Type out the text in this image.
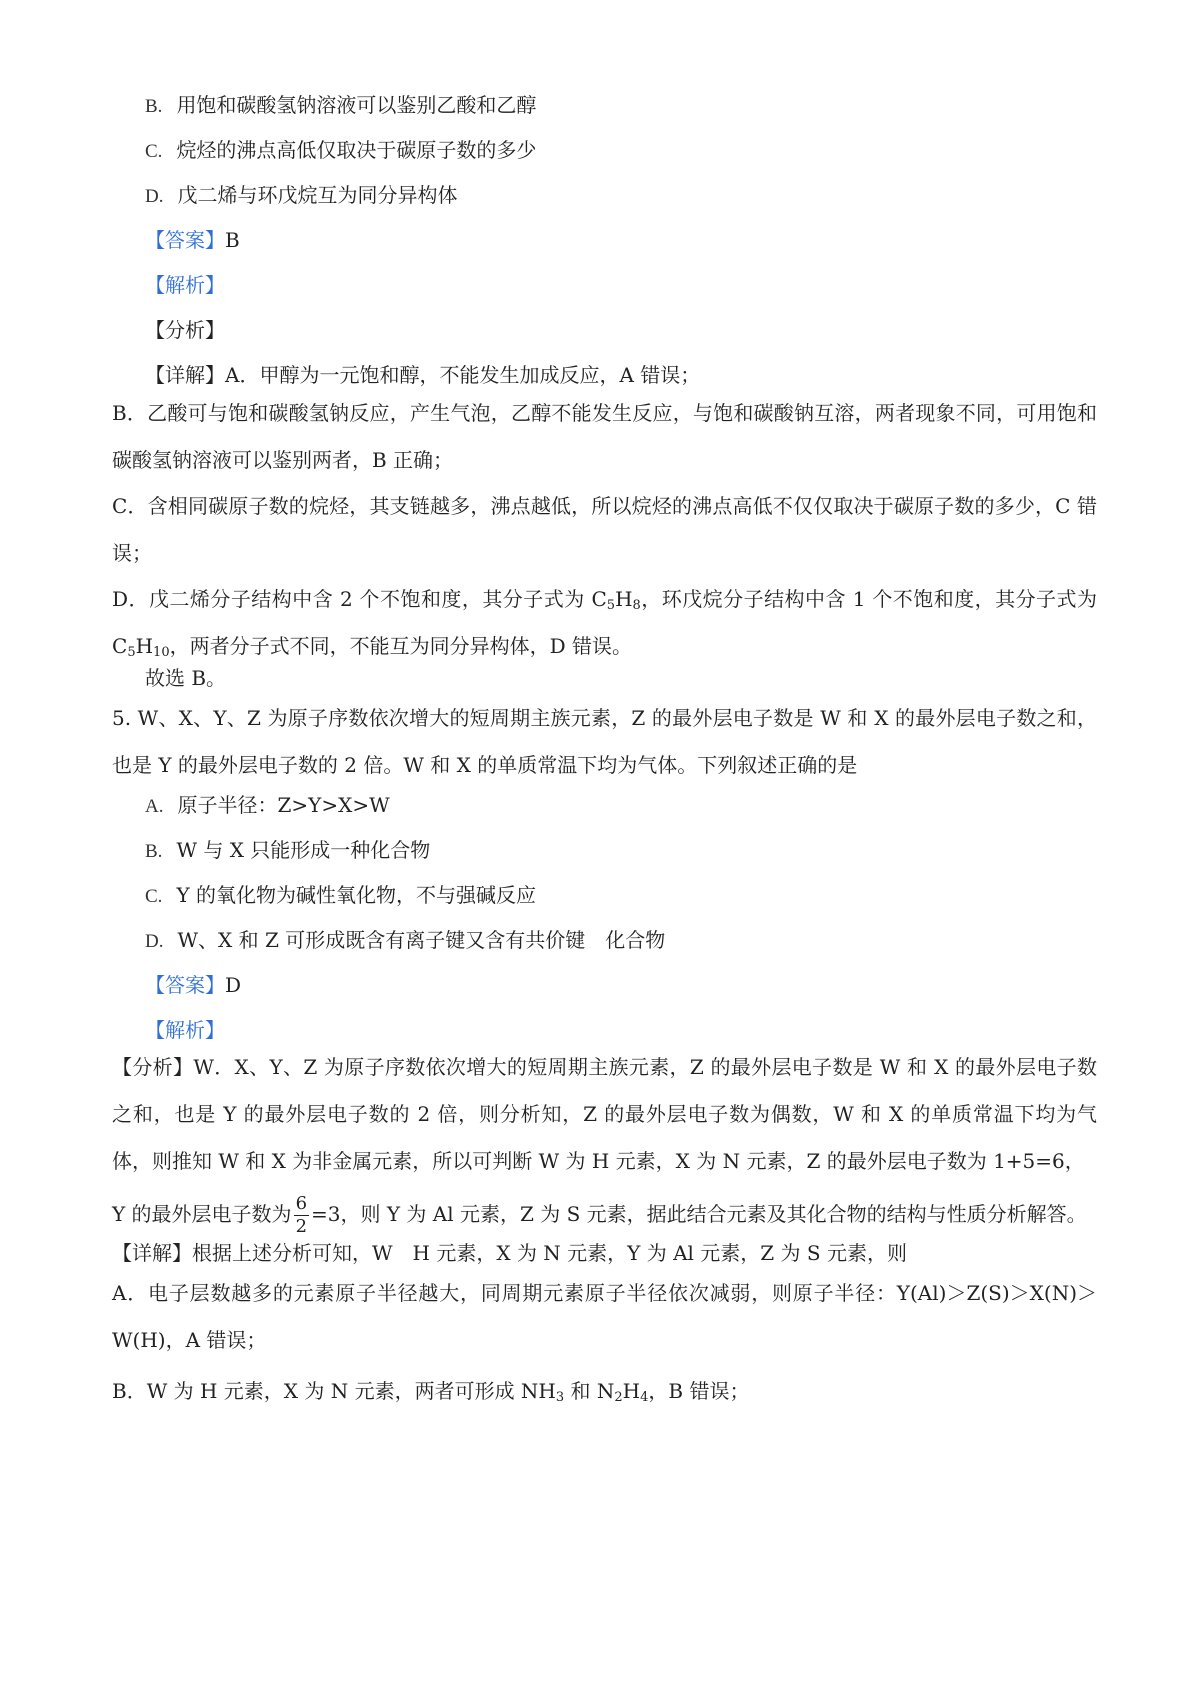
B. 用饱和碳酸氢钠溶液可以鉴别乙酸和乙醇
C. 烷烃的沸点高低仅取决于碳原子数的多少
D. 戊二烯与环戊烷互为同分异构体
【答案】B
【解析】
【分析】
【详解】A．甲醇为一元饱和醇，不能发生加成反应，A 错误；
B．乙酸可与饱和碳酸氢钠反应，产生气泡，乙醇不能发生反应，与饱和碳酸钠互溶，两者现象不同，可用饱和碳酸氢钠溶液可以鉴别两者，B 正确；
C．含相同碳原子数的烷烃，其支链越多，沸点越低，所以烷烃的沸点高低不仅仅取决于碳原子数的多少，C 错误；
D．戊二烯分子结构中含 2 个不饱和度，其分子式为 $C_5H_8$，环戊烷分子结构中含 1 个不饱和度，其分子式为 $C_5H_{10}$，两者分子式不同，不能互为同分异构体，D 错误。
故选 B。
5. W、X、Y、Z 为原子序数依次增大的短周期主族元素，Z 的最外层电子数是 W 和 X 的最外层电子数之和，也是 Y 的最外层电子数的 2 倍。W 和 X 的单质常温下均为气体。下列叙述正确的是
A. 原子半径：Z>Y>X>W
B. W 与 X 只能形成一种化合物
C. Y 的氧化物为碱性氧化物，不与强碱反应
D. W、X 和 Z 可形成既含有离子键又含有共价键　化合物
【答案】D
【解析】
【分析】W．X、Y、Z 为原子序数依次增大的短周期主族元素，Z 的最外层电子数是 W 和 X 的最外层电子数之和，也是 Y 的最外层电子数的 2 倍，则分析知，Z 的最外层电子数为偶数，W 和 X 的单质常温下均为气体，则推知 W 和 X 为非金属元素，所以可判断 W 为 H 元素，X 为 N 元素，Z 的最外层电子数为 1+5=6，
Y 的最外层电子数为 $\frac{6}{2} =3$，则 Y 为 Al 元素，Z 为 S 元素，据此结合元素及其化合物的结构与性质分析解答。
【详解】根据上述分析可知，W　H 元素，X 为 N 元素，Y 为 Al 元素，Z 为 S 元素，则
A．电子层数越多的元素原子半径越大，同周期元素原子半径依次减弱，则原子半径：Y(Al)＞Z(S)＞X(N)＞W(H)，A 错误；
B．W 为 H 元素，X 为 N 元素，两者可形成 $NH_3$ 和 $N_2H_4$，B 错误；
